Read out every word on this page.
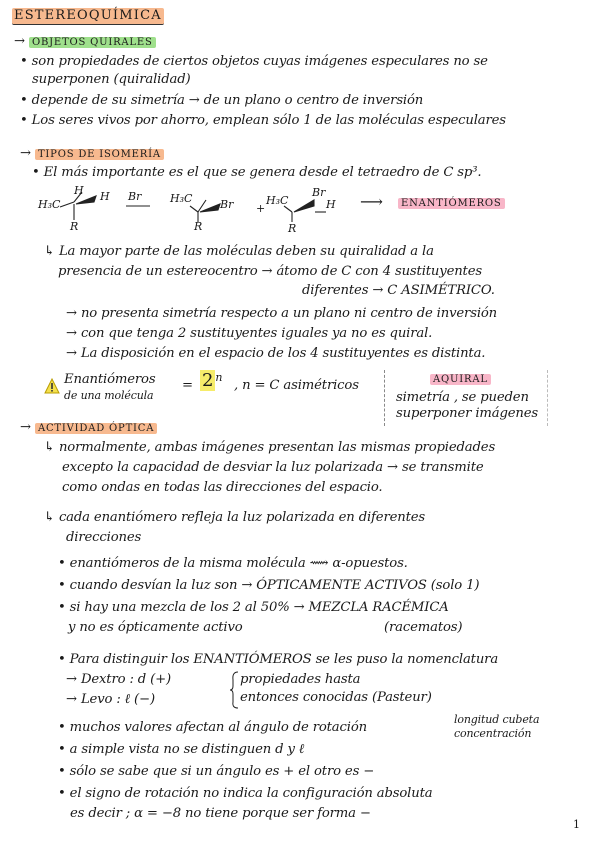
ESTEREOQUÍMICA
→ OBJETOS QUIRALES
• son propiedades de ciertos objetos cuyas imágenes especulares no se
superponen (quiralidad)
• depende de su simetría → de un plano o centro de inversión
• Los seres vivos por ahorro, emplean sólo 1 de las moléculas especulares
→ TIPOS DE ISOMERÍA
• El más importante es el que se genera desde el tetraedro de C sp³.
H₃C
H H
R
Br	H₃C	Br
R
+
H₃C
Br
H
R
⟶	ENANTIÓMEROS
↳ La mayor parte de las moléculas deben su quiralidad a la
presencia de un estereocentro → átomo de C con 4 sustituyentes
diferentes → C ASIMÉTRICO.
→ no presenta simetría respecto a un plano ni centro de inversión
→ con que tenga 2 sustituyentes iguales ya no es quiral.
→ La disposición en el espacio de los 4 sustituyentes es distinta.
Enantiómeros
de una molécula
= 2 $^n$
, n = C asimétricos	AQUIRAL
simetría , se pueden
superponer imágenes
→ ACTIVIDAD ÓPTICA
↳ normalmente, ambas imágenes presentan las mismas propiedades
excepto la capacidad de desviar la luz polarizada → se transmite
como ondas en todas las direcciones del espacio.
↳ cada enantiómero refleja la luz polarizada en diferentes
direcciones
• enantiómeros de la misma molécula ⟿ α-opuestos.
• cuando desvían la luz son → ÓPTICAMENTE ACTIVOS (solo 1)
• si hay una mezcla de los 2 al 50% → MEZCLA RACÉMICA
y no es ópticamente activo	(racematos)
• Para distinguir los ENANTIÓMEROS se les puso la nomenclatura
→ Dextro : d (+)
→ Levo : ℓ (−)
propiedades hasta
entonces conocidas (Pasteur)
• muchos valores afectan al ángulo de rotación
longitud cubeta
concentración
• a simple vista no se distinguen d y ℓ
• sólo se sabe que si un ángulo es + el otro es −
• el signo de rotación no indica la configuración absoluta
es decir ; α = −8 no tiene porque ser forma −
1
